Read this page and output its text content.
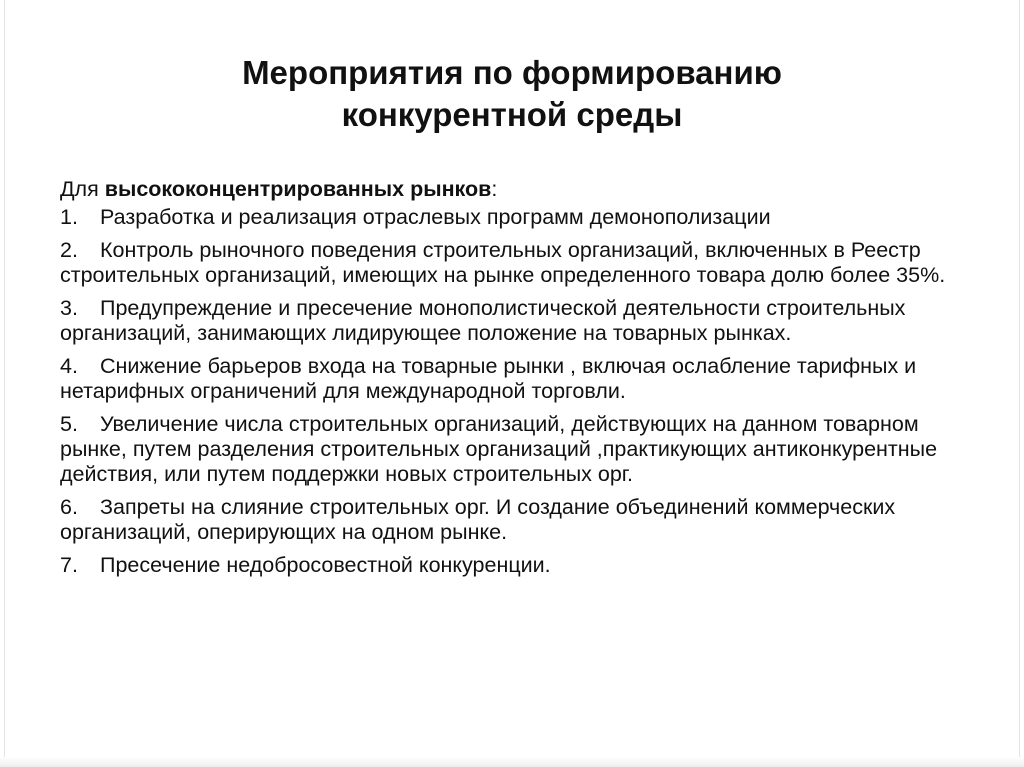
Мероприятия по формированию
конкурентной среды

Для высококонцентрированных рынков:

1. Разработка и реализация отраслевых программ демонополизации
2. Контроль рыночного поведения строительных организаций, включенных в Реестр строительных организаций, имеющих на рынке определенного товара долю более 35%.
3. Предупреждение и пресечение монополистической деятельности строительных организаций, занимающих лидирующее положение на товарных рынках.
4. Снижение барьеров входа на товарные рынки , включая ослабление тарифных и нетарифных ограничений для международной торговли.
5. Увеличение числа строительных организаций, действующих на данном товарном рынке, путем разделения строительных организаций ,практикующих антиконкурентные действия, или путем поддержки новых строительных орг.
6. Запреты на слияние строительных орг. И создание объединений коммерческих организаций, оперирующих на одном рынке.
7. Пресечение недобросовестной конкуренции.
